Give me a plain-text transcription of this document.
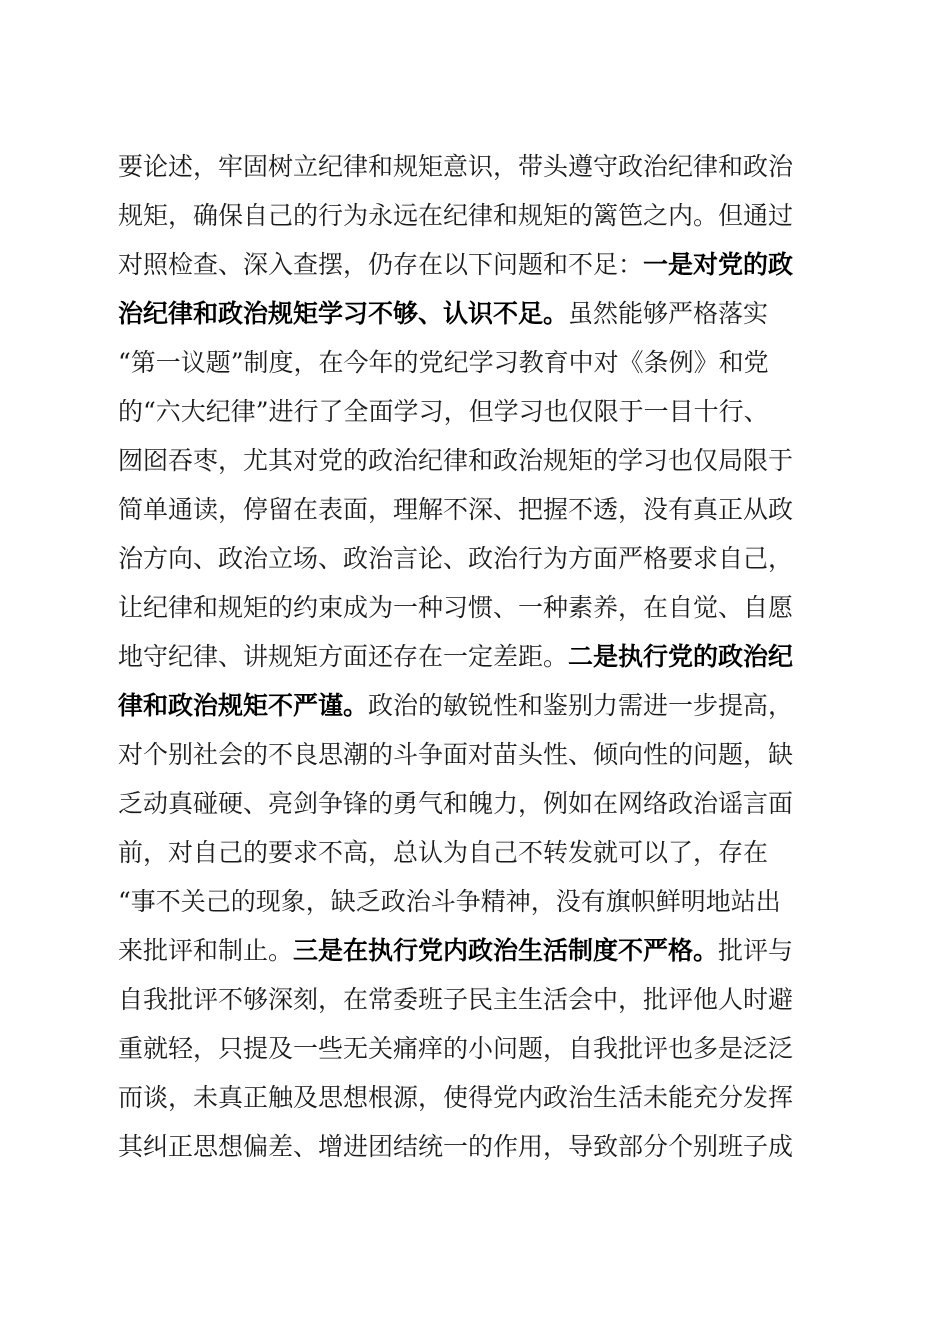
要论述，牢固树立纪律和规矩意识，带头遵守政治纪律和政治
规矩，确保自己的行为永远在纪律和规矩的篱笆之内。但通过
对照检查、深入查摆，仍存在以下问题和不足：一是对党的政
治纪律和政治规矩学习不够、认识不足。虽然能够严格落实
“第一议题”制度，在今年的党纪学习教育中对《条例》和党
的“六大纪律”进行了全面学习，但学习也仅限于一目十行、
囫囵吞枣，尤其对党的政治纪律和政治规矩的学习也仅局限于
简单通读，停留在表面，理解不深、把握不透，没有真正从政
治方向、政治立场、政治言论、政治行为方面严格要求自己，
让纪律和规矩的约束成为一种习惯、一种素养，在自觉、自愿
地守纪律、讲规矩方面还存在一定差距。二是执行党的政治纪
律和政治规矩不严谨。政治的敏锐性和鉴别力需进一步提高，
对个别社会的不良思潮的斗争面对苗头性、倾向性的问题，缺
乏动真碰硬、亮剑争锋的勇气和魄力，例如在网络政治谣言面
前，对自己的要求不高，总认为自己不转发就可以了，存在
“事不关己的现象，缺乏政治斗争精神，没有旗帜鲜明地站出
来批评和制止。三是在执行党内政治生活制度不严格。批评与
自我批评不够深刻，在常委班子民主生活会中，批评他人时避
重就轻，只提及一些无关痛痒的小问题，自我批评也多是泛泛
而谈，未真正触及思想根源，使得党内政治生活未能充分发挥
其纠正思想偏差、增进团结统一的作用，导致部分个别班子成
